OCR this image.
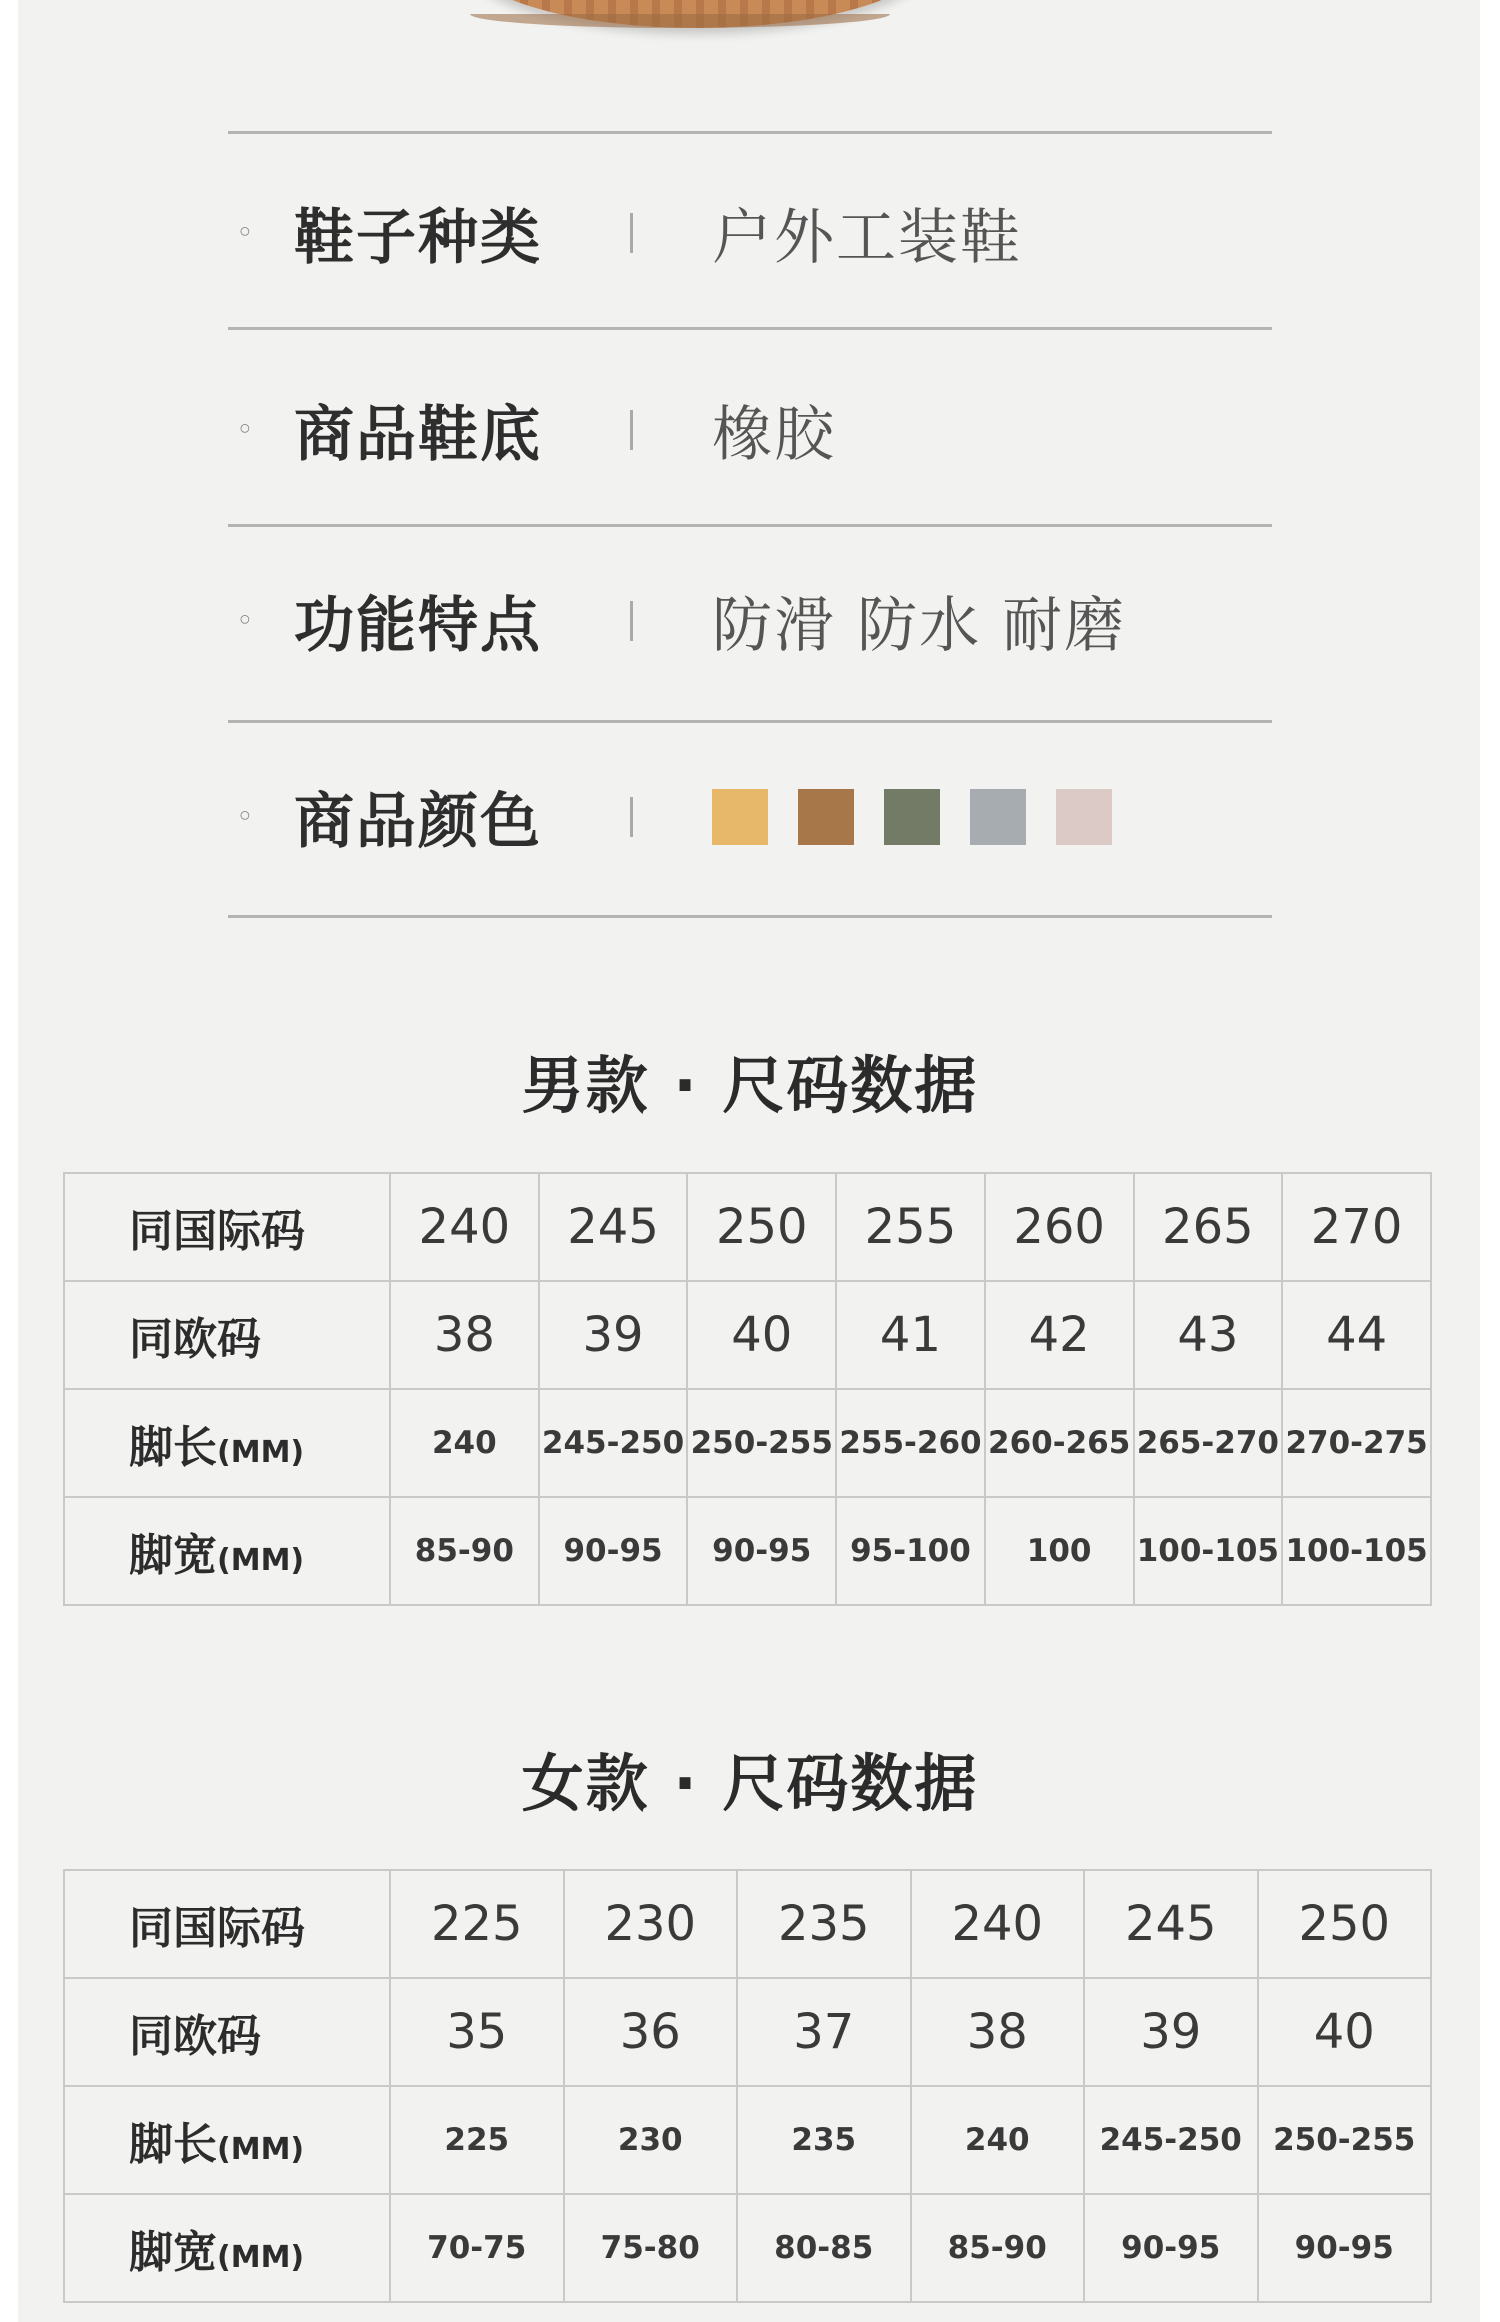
◦ 鞋子种类	户外工装鞋
◦ 商品鞋底	橡胶
◦ 功能特点	防滑 防水 耐磨
◦ 商品颜色
男款 · 尺码数据
同国际码	240	245	250	255	260	265	270
同欧码	38	39	40	41	42	43	44
脚长(MM)	240	245-250	250-255	255-260	260-265	265-270	270-275
脚宽(MM)	85-90	90-95	90-95	95-100	100	100-105	100-105
女款 · 尺码数据
同国际码	225	230	235	240	245	250
同欧码	35	36	37	38	39	40
脚长(MM)	225	230	235	240	245-250	250-255
脚宽(MM)	70-75	75-80	80-85	85-90	90-95	90-95
